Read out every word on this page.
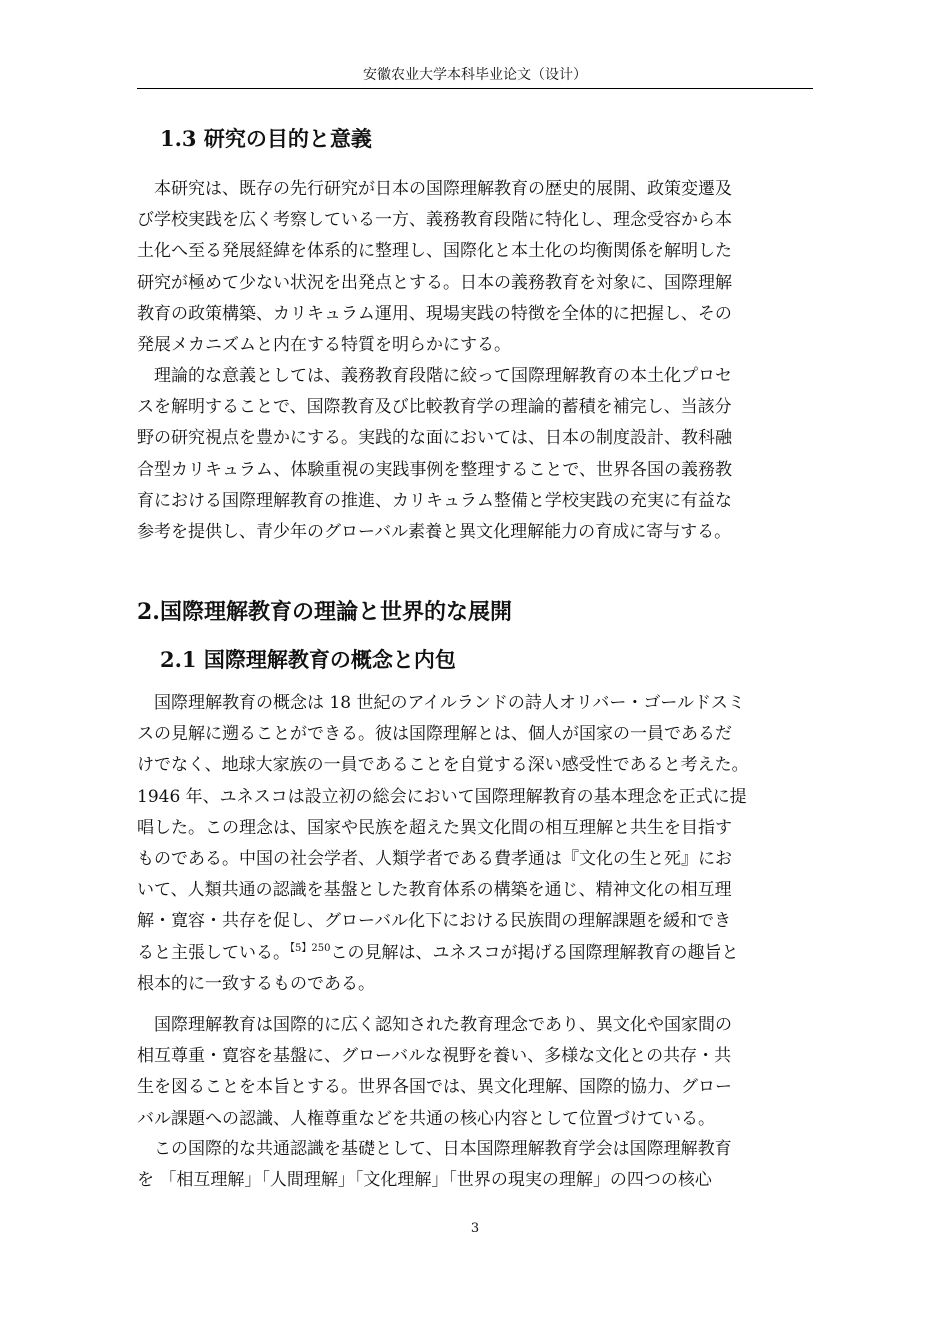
安徽农业大学本科毕业论文（设计）
1.3 研究の目的と意義
本研究は、既存の先行研究が日本の国際理解教育の歴史的展開、政策変遷及
び学校実践を広く考察している一方、義務教育段階に特化し、理念受容から本
土化へ至る発展経緯を体系的に整理し、国際化と本土化の均衡関係を解明した
研究が極めて少ない状況を出発点とする。日本の義務教育を対象に、国際理解
教育の政策構築、カリキュラム運用、現場実践の特徴を全体的に把握し、その
発展メカニズムと内在する特質を明らかにする。
理論的な意義としては、義務教育段階に絞って国際理解教育の本土化プロセ
スを解明することで、国際教育及び比較教育学の理論的蓄積を補完し、当該分
野の研究視点を豊かにする。実践的な面においては、日本の制度設計、教科融
合型カリキュラム、体験重視の実践事例を整理することで、世界各国の義務教
育における国際理解教育の推進、カリキュラム整備と学校実践の充実に有益な
参考を提供し、青少年のグローバル素養と異文化理解能力の育成に寄与する。
2.国際理解教育の理論と世界的な展開
2.1 国際理解教育の概念と内包
国際理解教育の概念は 18 世紀のアイルランドの詩人オリバー・ゴールドスミ
スの見解に遡ることができる。彼は国際理解とは、個人が国家の一員であるだ
けでなく、地球大家族の一員であることを自覚する深い感受性であると考えた。
1946 年、ユネスコは設立初の総会において国際理解教育の基本理念を正式に提
唱した。この理念は、国家や民族を超えた異文化間の相互理解と共生を目指す
ものである。中国の社会学者、人類学者である費孝通は『文化の生と死』にお
いて、人類共通の認識を基盤とした教育体系の構築を通じ、精神文化の相互理
解・寛容・共存を促し、グローバル化下における民族間の理解課題を緩和でき
ると主張している。$^{【5】250}$この見解は、ユネスコが掲げる国際理解教育の趣旨と
根本的に一致するものである。
国際理解教育は国際的に広く認知された教育理念であり、異文化や国家間の
相互尊重・寛容を基盤に、グローバルな視野を養い、多様な文化との共存・共
生を図ることを本旨とする。世界各国では、異文化理解、国際的協力、グロー
バル課題への認識、人権尊重などを共通の核心内容として位置づけている。
この国際的な共通認識を基礎として、日本国際理解教育学会は国際理解教育
を 「相互理解」「人間理解」「文化理解」「世界の現実の理解」の四つの核心
3
